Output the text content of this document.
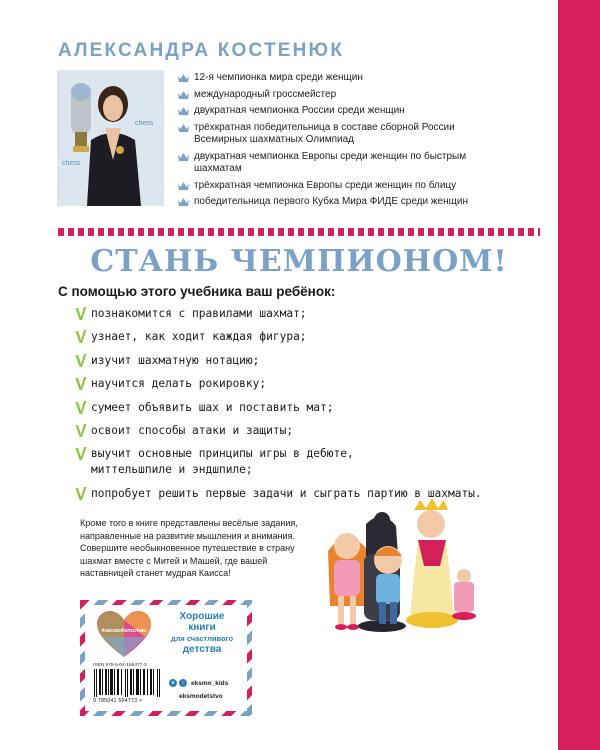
АЛЕКСАНДРА КОСТЕНЮК
chess
chess
12-я чемпионка мира среди женщин
международный гроссмейстер
двукратная чемпионка России среди женщин
трёхкратная победительница в составе сборной России Всемирных шахматных Олимпиад
двукратная чемпионка Европы среди женщин по быстрым шахматам
трёхкратная чемпионка Европы среди женщин по блицу
победительница первого Кубка Мира ФИДЕ среди женщин
СТАНЬ ЧЕМПИОНОМ!
С помощью этого учебника ваш ребёнок:
познакомится с правилами шахмат;
узнает, как ходит каждая фигура;
изучит шахматную нотацию;
научится делать рокировку;
сумеет объявить шах и поставить мат;
освоит способы атаки и защиты;
выучит основные принципы игры в дебюте, миттельшпиле и эндшпиле;
попробует решить первые задачи и сыграть партию в шахматы.

Кроме того в книге представлены весёлые задания, направленные на развитие мышления и внимания. Совершите необыкновенное путешествие в страну шахмат вместе с Митей и Машей, где вашей наставницей станет мудрая Каисса!

#эксмодетство
Хорошие
книги
для счастливого
детства
ISBN 978-5-04-156477-3
9 785041 564773 >
в	○ eksmo_kids
eksmodetstvo
